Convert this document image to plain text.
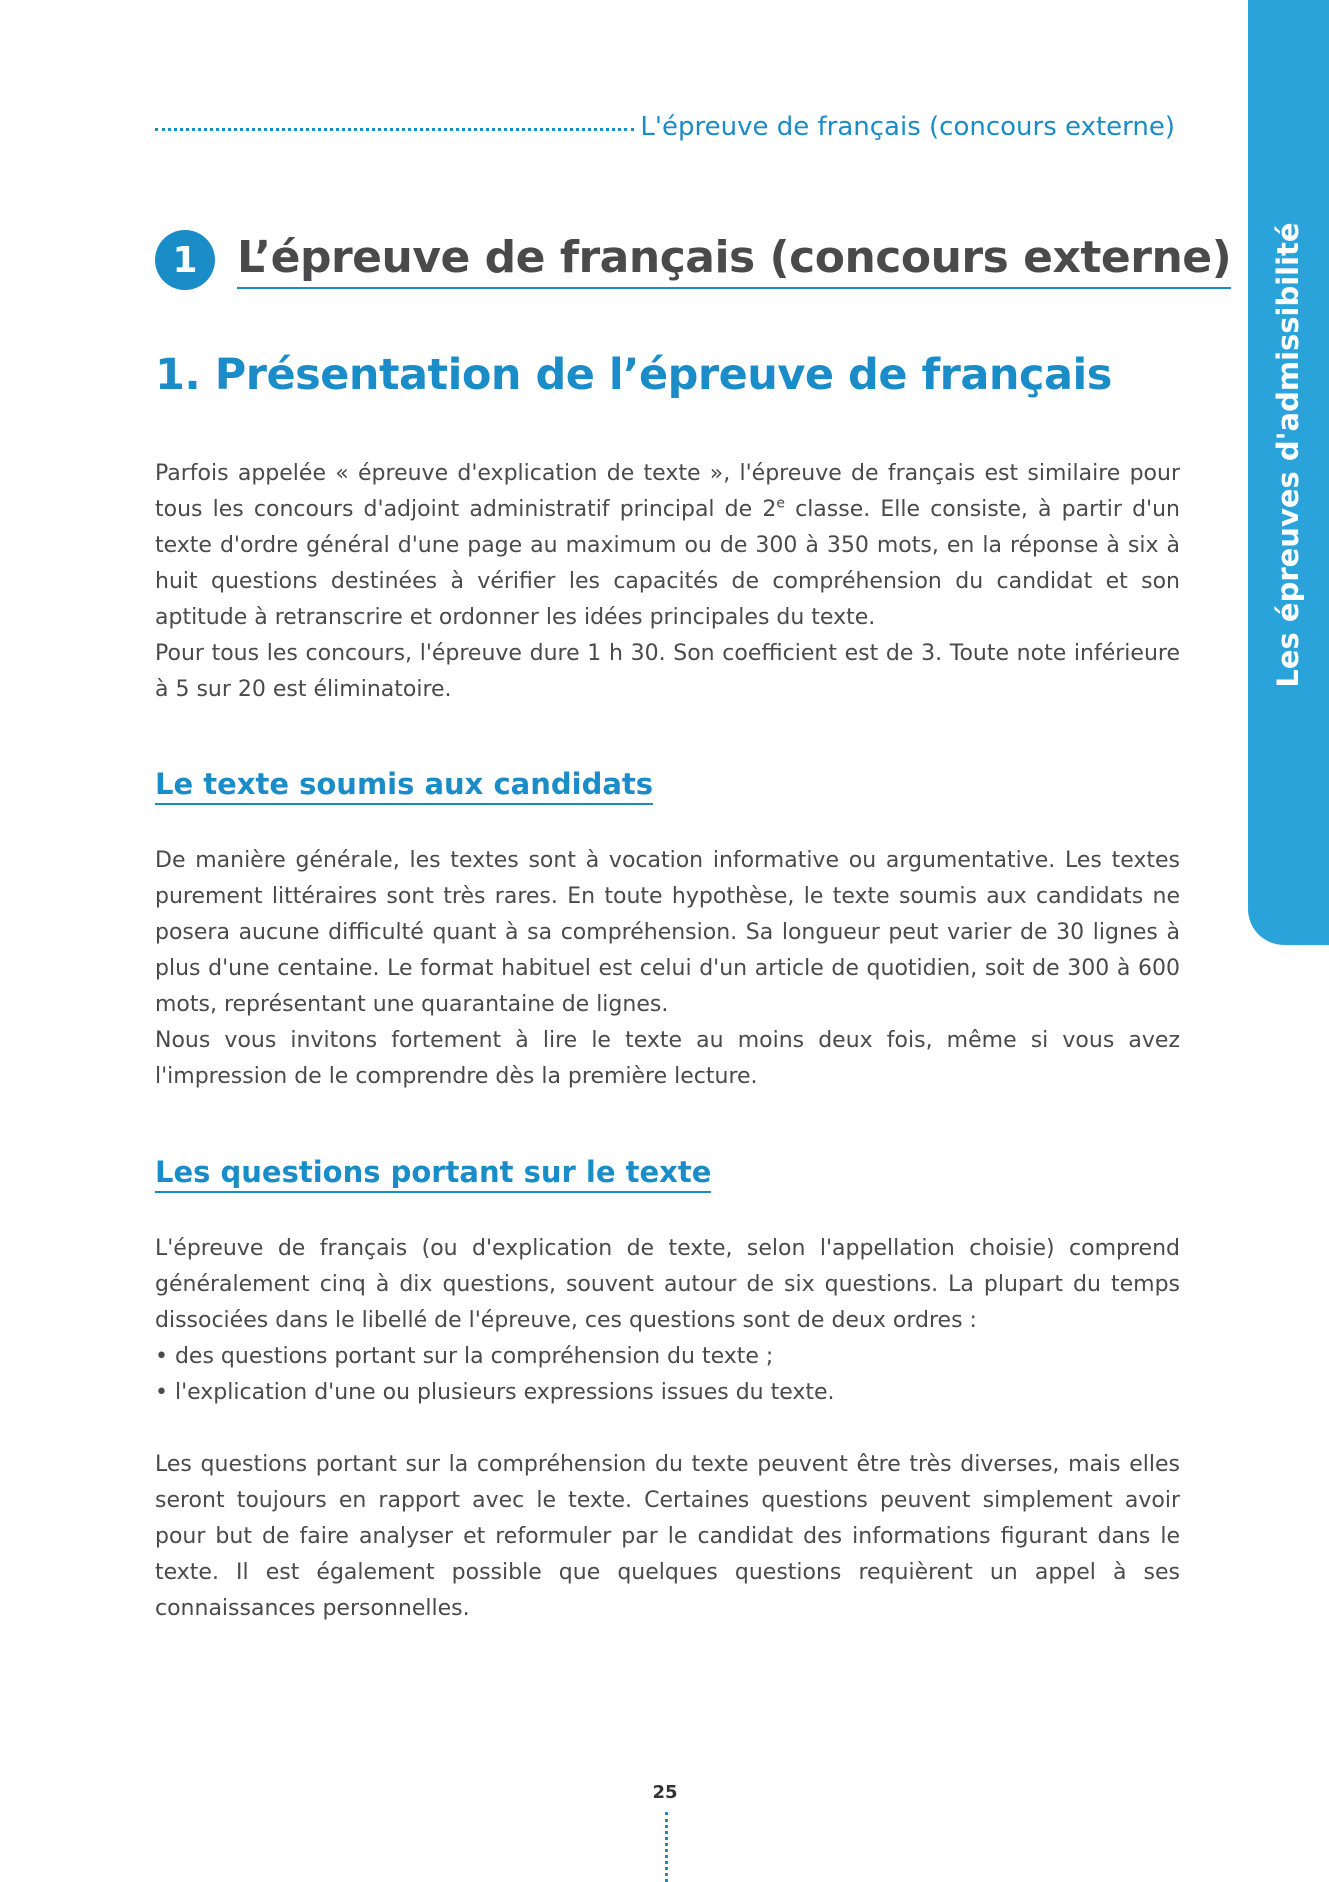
L'épreuve de français (concours externe)
1 L’épreuve de français (concours externe)
1. Présentation de l’épreuve de français

Parfois appelée « épreuve d'explication de texte », l'épreuve de français est similaire pour tous les concours d'adjoint administratif principal de 2e classe. Elle consiste, à partir d'un texte d'ordre général d'une page au maximum ou de 300 à 350 mots, en la réponse à six à huit questions destinées à vérifier les capacités de compréhension du candidat et son aptitude à retranscrire et ordonner les idées principales du texte.

Pour tous les concours, l'épreuve dure 1 h 30. Son coefficient est de 3. Toute note inférieure à 5 sur 20 est éliminatoire.

Le texte soumis aux candidats

De manière générale, les textes sont à vocation informative ou argumentative. Les textes purement littéraires sont très rares. En toute hypothèse, le texte soumis aux candidats ne posera aucune difficulté quant à sa compréhension. Sa longueur peut varier de 30 lignes à plus d'une centaine. Le format habituel est celui d'un article de quotidien, soit de 300 à 600 mots, représentant une quarantaine de lignes.

Nous vous invitons fortement à lire le texte au moins deux fois, même si vous avez l'impression de le comprendre dès la première lecture.

Les questions portant sur le texte

L'épreuve de français (ou d'explication de texte, selon l'appellation choisie) comprend généralement cinq à dix questions, souvent autour de six questions. La plupart du temps dissociées dans le libellé de l'épreuve, ces questions sont de deux ordres :

• des questions portant sur la compréhension du texte ;
• l'explication d'une ou plusieurs expressions issues du texte.

Les questions portant sur la compréhension du texte peuvent être très diverses, mais elles seront toujours en rapport avec le texte. Certaines questions peuvent simplement avoir pour but de faire analyser et reformuler par le candidat des informations figurant dans le texte. Il est également possible que quelques questions requièrent un appel à ses connaissances personnelles.

Les épreuves d'admissibilité
25
